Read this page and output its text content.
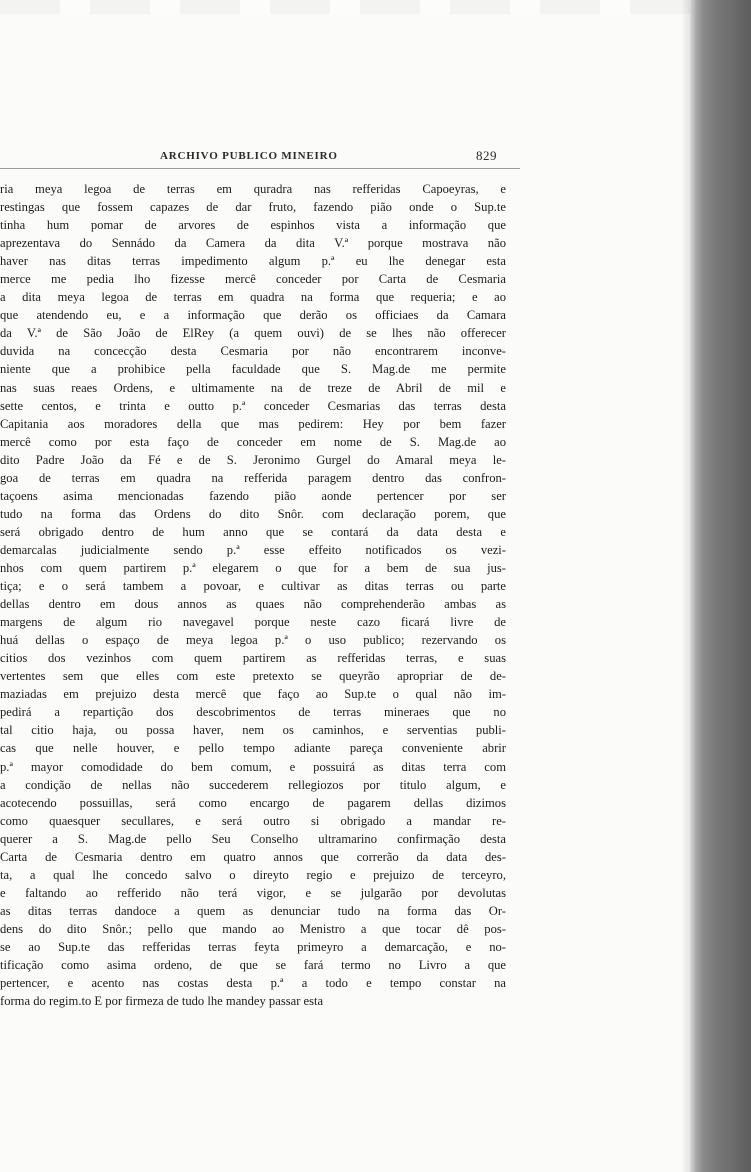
ARCHIVO PUBLICO MINEIRO	829
ria meya legoa de terras em quradra nas refferidas Capoeyras, e
restingas que fossem capazes de dar fruto, fazendo pião onde o Sup.te
tinha hum pomar de arvores de espinhos vista a informação que
aprezentava do Sennádo da Camera da dita V.ª porque mostrava não
haver nas ditas terras impedimento algum p.ª eu lhe denegar esta
merce me pedia lho fizesse mercê conceder por Carta de Cesmaria
a dita meya legoa de terras em quadra na forma que requeria; e ao
que atendendo eu, e a informação que derão os officiaes da Camara
da V.ª de São João de ElRey (a quem ouvi) de se lhes não offerecer
duvida na concecção desta Cesmaria por não encontrarem inconve-
niente que a prohibice pella faculdade que S. Mag.de me permite
nas suas reaes Ordens, e ultimamente na de treze de Abril de mil e
sette centos, e trinta e outto p.ª conceder Cesmarias das terras desta
Capitania aos moradores della que mas pedirem: Hey por bem fazer
mercê como por esta faço de conceder em nome de S. Mag.de ao
dito Padre João da Fé e de S. Jeronimo Gurgel do Amaral meya le-
goa de terras em quadra na refferida paragem dentro das confron-
taçoens asima mencionadas fazendo pião aonde pertencer por ser
tudo na forma das Ordens do dito Snôr. com declaração porem, que
será obrigado dentro de hum anno que se contará da data desta e
demarcalas judicialmente sendo p.ª esse effeito notificados os vezi-
nhos com quem partirem p.ª elegarem o que for a bem de sua jus-
tiça; e o será tambem a povoar, e cultivar as ditas terras ou parte
dellas dentro em dous annos as quaes não comprehenderão ambas as
margens de algum rio navegavel porque neste cazo ficará livre de
huá dellas o espaço de meya legoa p.ª o uso publico; rezervando os
citios dos vezinhos com quem partirem as refferidas terras, e suas
vertentes sem que elles com este pretexto se queyrão apropriar de de-
maziadas em prejuizo desta mercê que faço ao Sup.te o qual não im-
pedirá a repartição dos descobrimentos de terras mineraes que no
tal citio haja, ou possa haver, nem os caminhos, e serventias publi-
cas que nelle houver, e pello tempo adiante pareça conveniente abrir
p.ª mayor comodidade do bem comum, e possuirá as ditas terra com
a condição de nellas não succederem rellegiozos por titulo algum, e
acotecendo possuillas, será como encargo de pagarem dellas dizimos
como quaesquer secullares, e será outro si obrigado a mandar re-
querer a S. Mag.de pello Seu Conselho ultramarino confirmação desta
Carta de Cesmaria dentro em quatro annos que correrão da data des-
ta, a qual lhe concedo salvo o direyto regio e prejuizo de terceyro,
e faltando ao refferido não terá vigor, e se julgarão por devolutas
as ditas terras dandoce a quem as denunciar tudo na forma das Or-
dens do dito Snôr.; pello que mando ao Menistro a que tocar dê pos-
se ao Sup.te das refferidas terras feyta primeyro a demarcação, e no-
tificação como asima ordeno, de que se fará termo no Livro a que
pertencer, e acento nas costas desta p.ª a todo e tempo constar na
forma do regim.to E por firmeza de tudo lhe mandey passar esta
